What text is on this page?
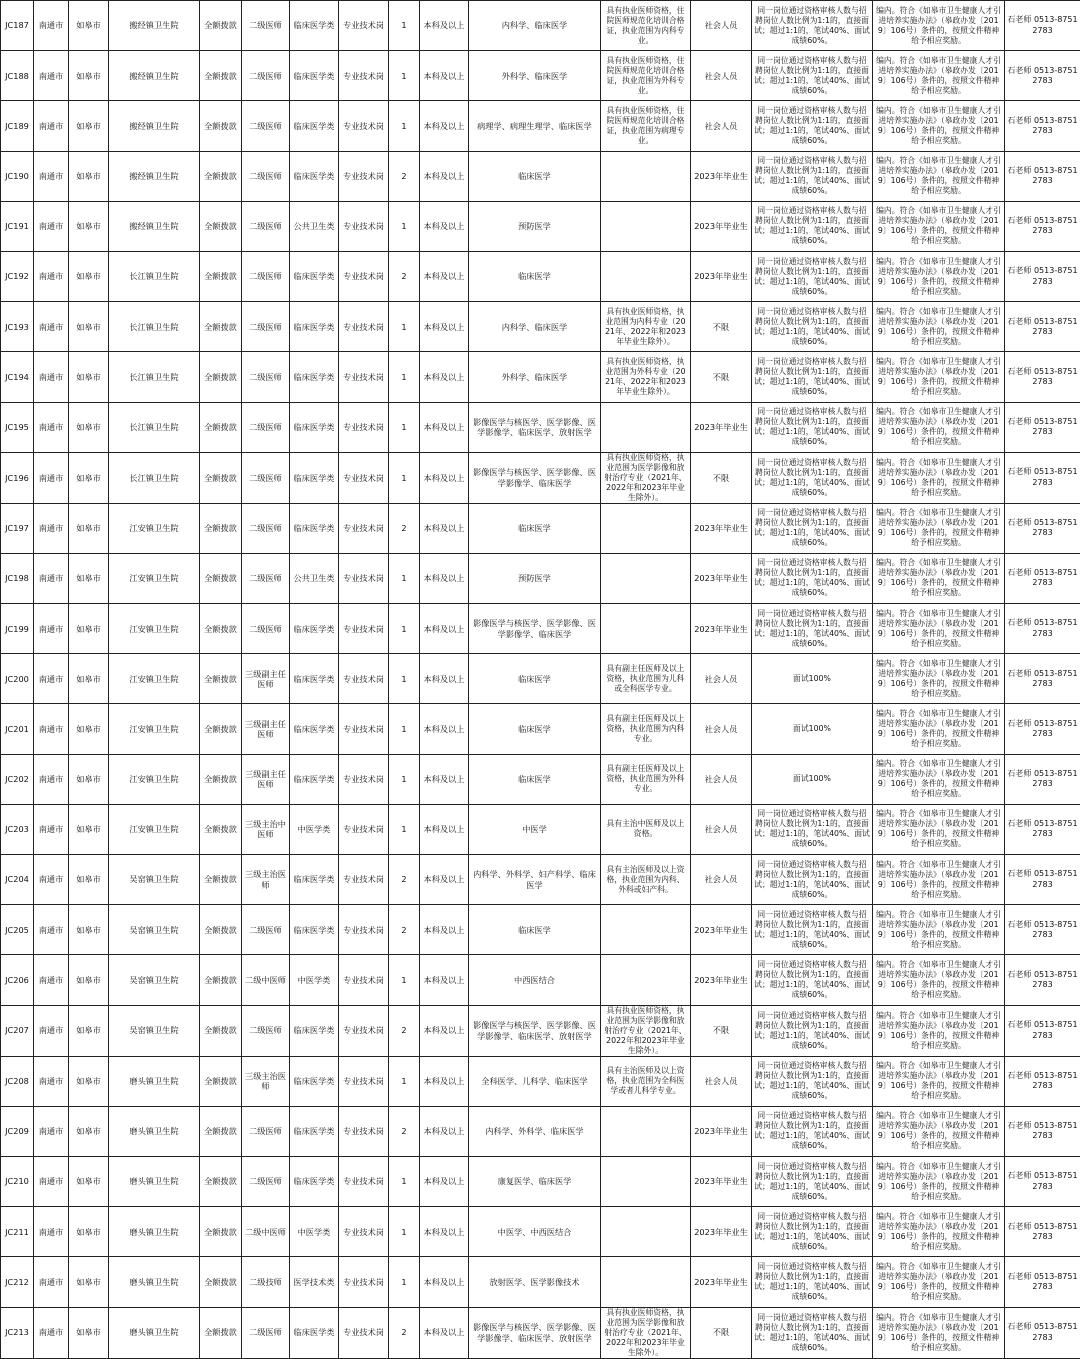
JC187	南通市	如皋市	搬经镇卫生院	全额拨款	二级医师	临床医学类	专业技术岗	1	本科及以上	内科学、临床医学	具有执业医师资格，住院医师规范化培训合格证，执业范围为内科专业。	社会人员	同一岗位通过资格审核人数与招聘岗位人数比例为1:1的，直接面试；超过1:1的，笔试40%、面试成绩60%。	编内。符合《如皋市卫生健康人才引进培养实施办法》（皋政办发〔2019〕106号）条件的，按照文件精神给予相应奖励。	石老师 0513-87512783
JC188	南通市	如皋市	搬经镇卫生院	全额拨款	二级医师	临床医学类	专业技术岗	1	本科及以上	外科学、临床医学	具有执业医师资格，住院医师规范化培训合格证，执业范围为外科专业。	社会人员	同一岗位通过资格审核人数与招聘岗位人数比例为1:1的，直接面试；超过1:1的，笔试40%、面试成绩60%。	编内。符合《如皋市卫生健康人才引进培养实施办法》（皋政办发〔2019〕106号）条件的，按照文件精神给予相应奖励。	石老师 0513-87512783
JC189	南通市	如皋市	搬经镇卫生院	全额拨款	二级医师	临床医学类	专业技术岗	1	本科及以上	病理学、病理生理学、临床医学	具有执业医师资格，住院医师规范化培训合格证，执业范围为病理专业。	社会人员	同一岗位通过资格审核人数与招聘岗位人数比例为1:1的，直接面试；超过1:1的，笔试40%、面试成绩60%。	编内。符合《如皋市卫生健康人才引进培养实施办法》（皋政办发〔2019〕106号）条件的，按照文件精神给予相应奖励。	石老师 0513-87512783
JC190	南通市	如皋市	搬经镇卫生院	全额拨款	二级医师	临床医学类	专业技术岗	2	本科及以上	临床医学		2023年毕业生	同一岗位通过资格审核人数与招聘岗位人数比例为1:1的，直接面试；超过1:1的，笔试40%、面试成绩60%。	编内。符合《如皋市卫生健康人才引进培养实施办法》（皋政办发〔2019〕106号）条件的，按照文件精神给予相应奖励。	石老师 0513-87512783
JC191	南通市	如皋市	搬经镇卫生院	全额拨款	二级医师	公共卫生类	专业技术岗	1	本科及以上	预防医学		2023年毕业生	同一岗位通过资格审核人数与招聘岗位人数比例为1:1的，直接面试；超过1:1的，笔试40%、面试成绩60%。	编内。符合《如皋市卫生健康人才引进培养实施办法》（皋政办发〔2019〕106号）条件的，按照文件精神给予相应奖励。	石老师 0513-87512783
JC192	南通市	如皋市	长江镇卫生院	全额拨款	二级医师	临床医学类	专业技术岗	2	本科及以上	临床医学		2023年毕业生	同一岗位通过资格审核人数与招聘岗位人数比例为1:1的，直接面试；超过1:1的，笔试40%、面试成绩60%。	编内。符合《如皋市卫生健康人才引进培养实施办法》（皋政办发〔2019〕106号）条件的，按照文件精神给予相应奖励。	石老师 0513-87512783
JC193	南通市	如皋市	长江镇卫生院	全额拨款	二级医师	临床医学类	专业技术岗	1	本科及以上	内科学、临床医学	具有执业医师资格，执业范围为内科专业（2021年、2022年和2023年毕业生除外）。	不限	同一岗位通过资格审核人数与招聘岗位人数比例为1:1的，直接面试；超过1:1的，笔试40%、面试成绩60%。	编内。符合《如皋市卫生健康人才引进培养实施办法》（皋政办发〔2019〕106号）条件的，按照文件精神给予相应奖励。	石老师 0513-87512783
JC194	南通市	如皋市	长江镇卫生院	全额拨款	二级医师	临床医学类	专业技术岗	1	本科及以上	外科学、临床医学	具有执业医师资格，执业范围为外科专业（2021年、2022年和2023年毕业生除外）。	不限	同一岗位通过资格审核人数与招聘岗位人数比例为1:1的，直接面试；超过1:1的，笔试40%、面试成绩60%。	编内。符合《如皋市卫生健康人才引进培养实施办法》（皋政办发〔2019〕106号）条件的，按照文件精神给予相应奖励。	石老师 0513-87512783
JC195	南通市	如皋市	长江镇卫生院	全额拨款	二级医师	临床医学类	专业技术岗	1	本科及以上	影像医学与核医学、医学影像、医学影像学、临床医学、放射医学		2023年毕业生	同一岗位通过资格审核人数与招聘岗位人数比例为1:1的，直接面试；超过1:1的，笔试40%、面试成绩60%。	编内。符合《如皋市卫生健康人才引进培养实施办法》（皋政办发〔2019〕106号）条件的，按照文件精神给予相应奖励。	石老师 0513-87512783
JC196	南通市	如皋市	长江镇卫生院	全额拨款	二级医师	临床医学类	专业技术岗	1	本科及以上	影像医学与核医学、医学影像、医学影像学、临床医学	具有执业医师资格，执业范围为医学影像和放射治疗专业（2021年、2022年和2023年毕业生除外）。	不限	同一岗位通过资格审核人数与招聘岗位人数比例为1:1的，直接面试；超过1:1的，笔试40%、面试成绩60%。	编内。符合《如皋市卫生健康人才引进培养实施办法》（皋政办发〔2019〕106号）条件的，按照文件精神给予相应奖励。	石老师 0513-87512783
JC197	南通市	如皋市	江安镇卫生院	全额拨款	二级医师	临床医学类	专业技术岗	2	本科及以上	临床医学		2023年毕业生	同一岗位通过资格审核人数与招聘岗位人数比例为1:1的，直接面试；超过1:1的，笔试40%、面试成绩60%。	编内。符合《如皋市卫生健康人才引进培养实施办法》（皋政办发〔2019〕106号）条件的，按照文件精神给予相应奖励。	石老师 0513-87512783
JC198	南通市	如皋市	江安镇卫生院	全额拨款	二级医师	公共卫生类	专业技术岗	1	本科及以上	预防医学		2023年毕业生	同一岗位通过资格审核人数与招聘岗位人数比例为1:1的，直接面试；超过1:1的，笔试40%、面试成绩60%。	编内。符合《如皋市卫生健康人才引进培养实施办法》（皋政办发〔2019〕106号）条件的，按照文件精神给予相应奖励。	石老师 0513-87512783
JC199	南通市	如皋市	江安镇卫生院	全额拨款	二级医师	临床医学类	专业技术岗	1	本科及以上	影像医学与核医学、医学影像、医学影像学、临床医学		2023年毕业生	同一岗位通过资格审核人数与招聘岗位人数比例为1:1的，直接面试；超过1:1的，笔试40%、面试成绩60%。	编内。符合《如皋市卫生健康人才引进培养实施办法》（皋政办发〔2019〕106号）条件的，按照文件精神给予相应奖励。	石老师 0513-87512783
JC200	南通市	如皋市	江安镇卫生院	全额拨款	三级副主任医师	临床医学类	专业技术岗	1	本科及以上	临床医学	具有副主任医师及以上资格，执业范围为儿科或全科医学专业。	社会人员	面试100%	编内。符合《如皋市卫生健康人才引进培养实施办法》（皋政办发〔2019〕106号）条件的，按照文件精神给予相应奖励。	石老师 0513-87512783
JC201	南通市	如皋市	江安镇卫生院	全额拨款	三级副主任医师	临床医学类	专业技术岗	1	本科及以上	临床医学	具有副主任医师及以上资格，执业范围为内科专业。	社会人员	面试100%	编内。符合《如皋市卫生健康人才引进培养实施办法》（皋政办发〔2019〕106号）条件的，按照文件精神给予相应奖励。	石老师 0513-87512783
JC202	南通市	如皋市	江安镇卫生院	全额拨款	三级副主任医师	临床医学类	专业技术岗	1	本科及以上	临床医学	具有副主任医师及以上资格，执业范围为外科专业。	社会人员	面试100%	编内。符合《如皋市卫生健康人才引进培养实施办法》（皋政办发〔2019〕106号）条件的，按照文件精神给予相应奖励。	石老师 0513-87512783
JC203	南通市	如皋市	江安镇卫生院	全额拨款	三级主治中医师	中医学类	专业技术岗	1	本科及以上	中医学	具有主治中医师及以上资格。	社会人员	同一岗位通过资格审核人数与招聘岗位人数比例为1:1的，直接面试；超过1:1的，笔试40%、面试成绩60%。	编内。符合《如皋市卫生健康人才引进培养实施办法》（皋政办发〔2019〕106号）条件的，按照文件精神给予相应奖励。	石老师 0513-87512783
JC204	南通市	如皋市	吴窑镇卫生院	全额拨款	三级主治医师	临床医学类	专业技术岗	2	本科及以上	内科学、外科学、妇产科学、临床医学	具有主治医师及以上资格，执业范围为内科、外科或妇产科。	社会人员	同一岗位通过资格审核人数与招聘岗位人数比例为1:1的，直接面试；超过1:1的，笔试40%、面试成绩60%。	编内。符合《如皋市卫生健康人才引进培养实施办法》（皋政办发〔2019〕106号）条件的，按照文件精神给予相应奖励。	石老师 0513-87512783
JC205	南通市	如皋市	吴窑镇卫生院	全额拨款	二级医师	临床医学类	专业技术岗	2	本科及以上	临床医学		2023年毕业生	同一岗位通过资格审核人数与招聘岗位人数比例为1:1的，直接面试；超过1:1的，笔试40%、面试成绩60%。	编内。符合《如皋市卫生健康人才引进培养实施办法》（皋政办发〔2019〕106号）条件的，按照文件精神给予相应奖励。	石老师 0513-87512783
JC206	南通市	如皋市	吴窑镇卫生院	全额拨款	二级中医师	中医学类	专业技术岗	1	本科及以上	中西医结合		2023年毕业生	同一岗位通过资格审核人数与招聘岗位人数比例为1:1的，直接面试；超过1:1的，笔试40%、面试成绩60%。	编内。符合《如皋市卫生健康人才引进培养实施办法》（皋政办发〔2019〕106号）条件的，按照文件精神给予相应奖励。	石老师 0513-87512783
JC207	南通市	如皋市	吴窑镇卫生院	全额拨款	二级医师	临床医学类	专业技术岗	2	本科及以上	影像医学与核医学、医学影像、医学影像学、临床医学、放射医学	具有执业医师资格，执业范围为医学影像和放射治疗专业（2021年、2022年和2023年毕业生除外）。	不限	同一岗位通过资格审核人数与招聘岗位人数比例为1:1的，直接面试；超过1:1的，笔试40%、面试成绩60%。	编内。符合《如皋市卫生健康人才引进培养实施办法》（皋政办发〔2019〕106号）条件的，按照文件精神给予相应奖励。	石老师 0513-87512783
JC208	南通市	如皋市	磨头镇卫生院	全额拨款	三级主治医师	临床医学类	专业技术岗	1	本科及以上	全科医学、儿科学、临床医学	具有主治医师及以上资格，执业范围为全科医学或者儿科学专业。	社会人员	同一岗位通过资格审核人数与招聘岗位人数比例为1:1的，直接面试；超过1:1的，笔试40%、面试成绩60%。	编内。符合《如皋市卫生健康人才引进培养实施办法》（皋政办发〔2019〕106号）条件的，按照文件精神给予相应奖励。	石老师 0513-87512783
JC209	南通市	如皋市	磨头镇卫生院	全额拨款	二级医师	临床医学类	专业技术岗	2	本科及以上	内科学、外科学、临床医学		2023年毕业生	同一岗位通过资格审核人数与招聘岗位人数比例为1:1的，直接面试；超过1:1的，笔试40%、面试成绩60%。	编内。符合《如皋市卫生健康人才引进培养实施办法》（皋政办发〔2019〕106号）条件的，按照文件精神给予相应奖励。	石老师 0513-87512783
JC210	南通市	如皋市	磨头镇卫生院	全额拨款	二级医师	临床医学类	专业技术岗	1	本科及以上	康复医学、临床医学		2023年毕业生	同一岗位通过资格审核人数与招聘岗位人数比例为1:1的，直接面试；超过1:1的，笔试40%、面试成绩60%。	编内。符合《如皋市卫生健康人才引进培养实施办法》（皋政办发〔2019〕106号）条件的，按照文件精神给予相应奖励。	石老师 0513-87512783
JC211	南通市	如皋市	磨头镇卫生院	全额拨款	二级中医师	中医学类	专业技术岗	1	本科及以上	中医学、中西医结合		2023年毕业生	同一岗位通过资格审核人数与招聘岗位人数比例为1:1的，直接面试；超过1:1的，笔试40%、面试成绩60%。	编内。符合《如皋市卫生健康人才引进培养实施办法》（皋政办发〔2019〕106号）条件的，按照文件精神给予相应奖励。	石老师 0513-87512783
JC212	南通市	如皋市	磨头镇卫生院	全额拨款	二级技师	医学技术类	专业技术岗	1	本科及以上	放射医学、医学影像技术		2023年毕业生	同一岗位通过资格审核人数与招聘岗位人数比例为1:1的，直接面试；超过1:1的，笔试40%、面试成绩60%。	编内。符合《如皋市卫生健康人才引进培养实施办法》（皋政办发〔2019〕106号）条件的，按照文件精神给予相应奖励。	石老师 0513-87512783
JC213	南通市	如皋市	磨头镇卫生院	全额拨款	二级医师	临床医学类	专业技术岗	2	本科及以上	影像医学与核医学、医学影像、医学影像学、临床医学、放射医学	具有执业医师资格，执业范围为医学影像和放射治疗专业（2021年、2022年和2023年毕业生除外）。	不限	同一岗位通过资格审核人数与招聘岗位人数比例为1:1的，直接面试；超过1:1的，笔试40%、面试成绩60%。	编内。符合《如皋市卫生健康人才引进培养实施办法》（皋政办发〔2019〕106号）条件的，按照文件精神给予相应奖励。	石老师 0513-87512783
